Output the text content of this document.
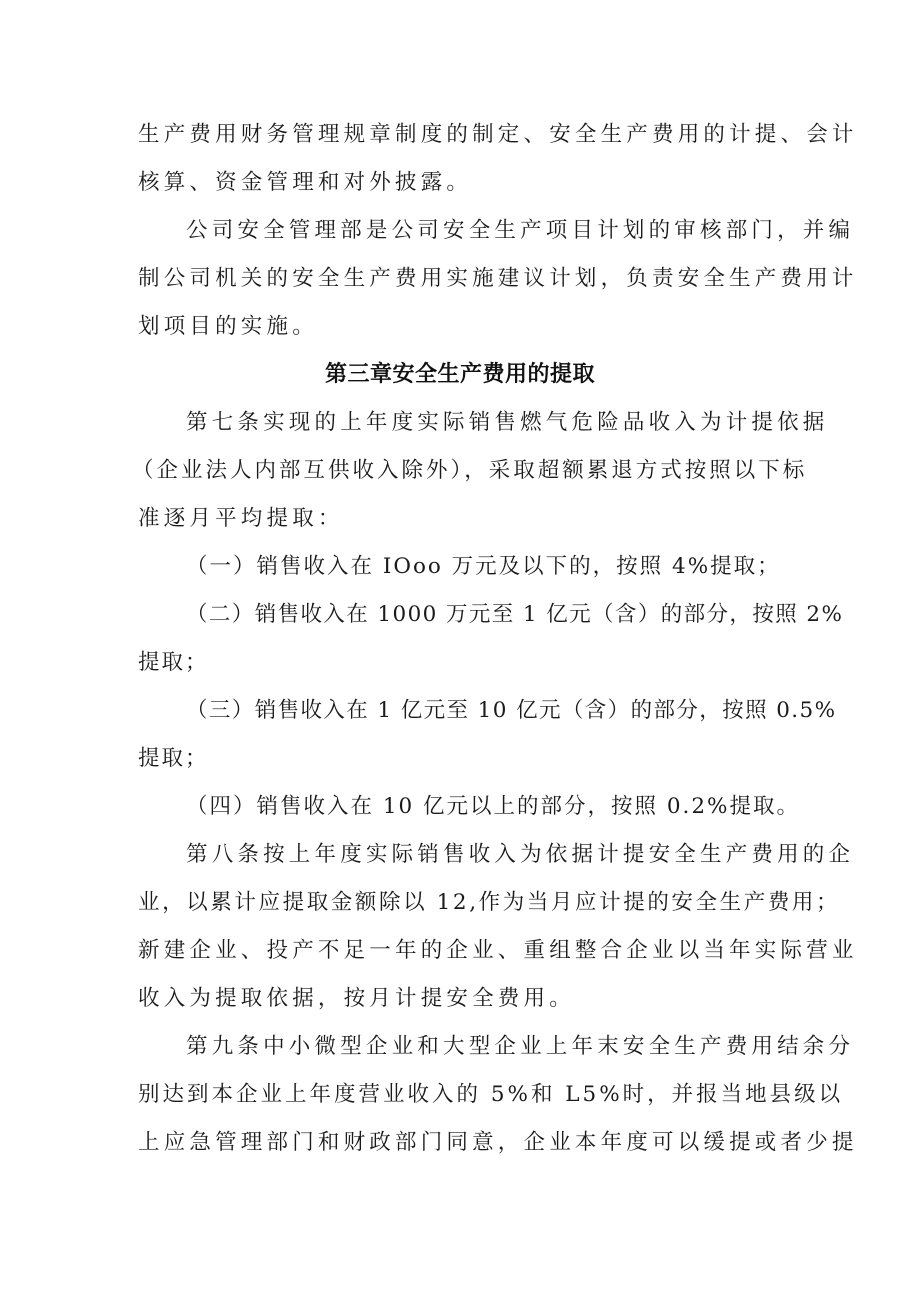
生产费用财务管理规章制度的制定、安全生产费用的计提、会计
核算、资金管理和对外披露。
公司安全管理部是公司安全生产项目计划的审核部门，并编
制公司机关的安全生产费用实施建议计划，负责安全生产费用计
划项目的实施。
第三章安全生产费用的提取
第七条实现的上年度实际销售燃气危险品收入为计提依据
（企业法人内部互供收入除外），采取超额累退方式按照以下标
准逐月平均提取：
（一）销售收入在 IOoo 万元及以下的，按照 4%提取；
（二）销售收入在 1000 万元至 1 亿元（含）的部分，按照 2%
提取；
（三）销售收入在 1 亿元至 10 亿元（含）的部分，按照 0.5%
提取；
（四）销售收入在 10 亿元以上的部分，按照 0.2%提取。
第八条按上年度实际销售收入为依据计提安全生产费用的企
业，以累计应提取金额除以 12,作为当月应计提的安全生产费用；
新建企业、投产不足一年的企业、重组整合企业以当年实际营业
收入为提取依据，按月计提安全费用。
第九条中小微型企业和大型企业上年末安全生产费用结余分
别达到本企业上年度营业收入的 5%和 L5%时，并报当地县级以
上应急管理部门和财政部门同意，企业本年度可以缓提或者少提
